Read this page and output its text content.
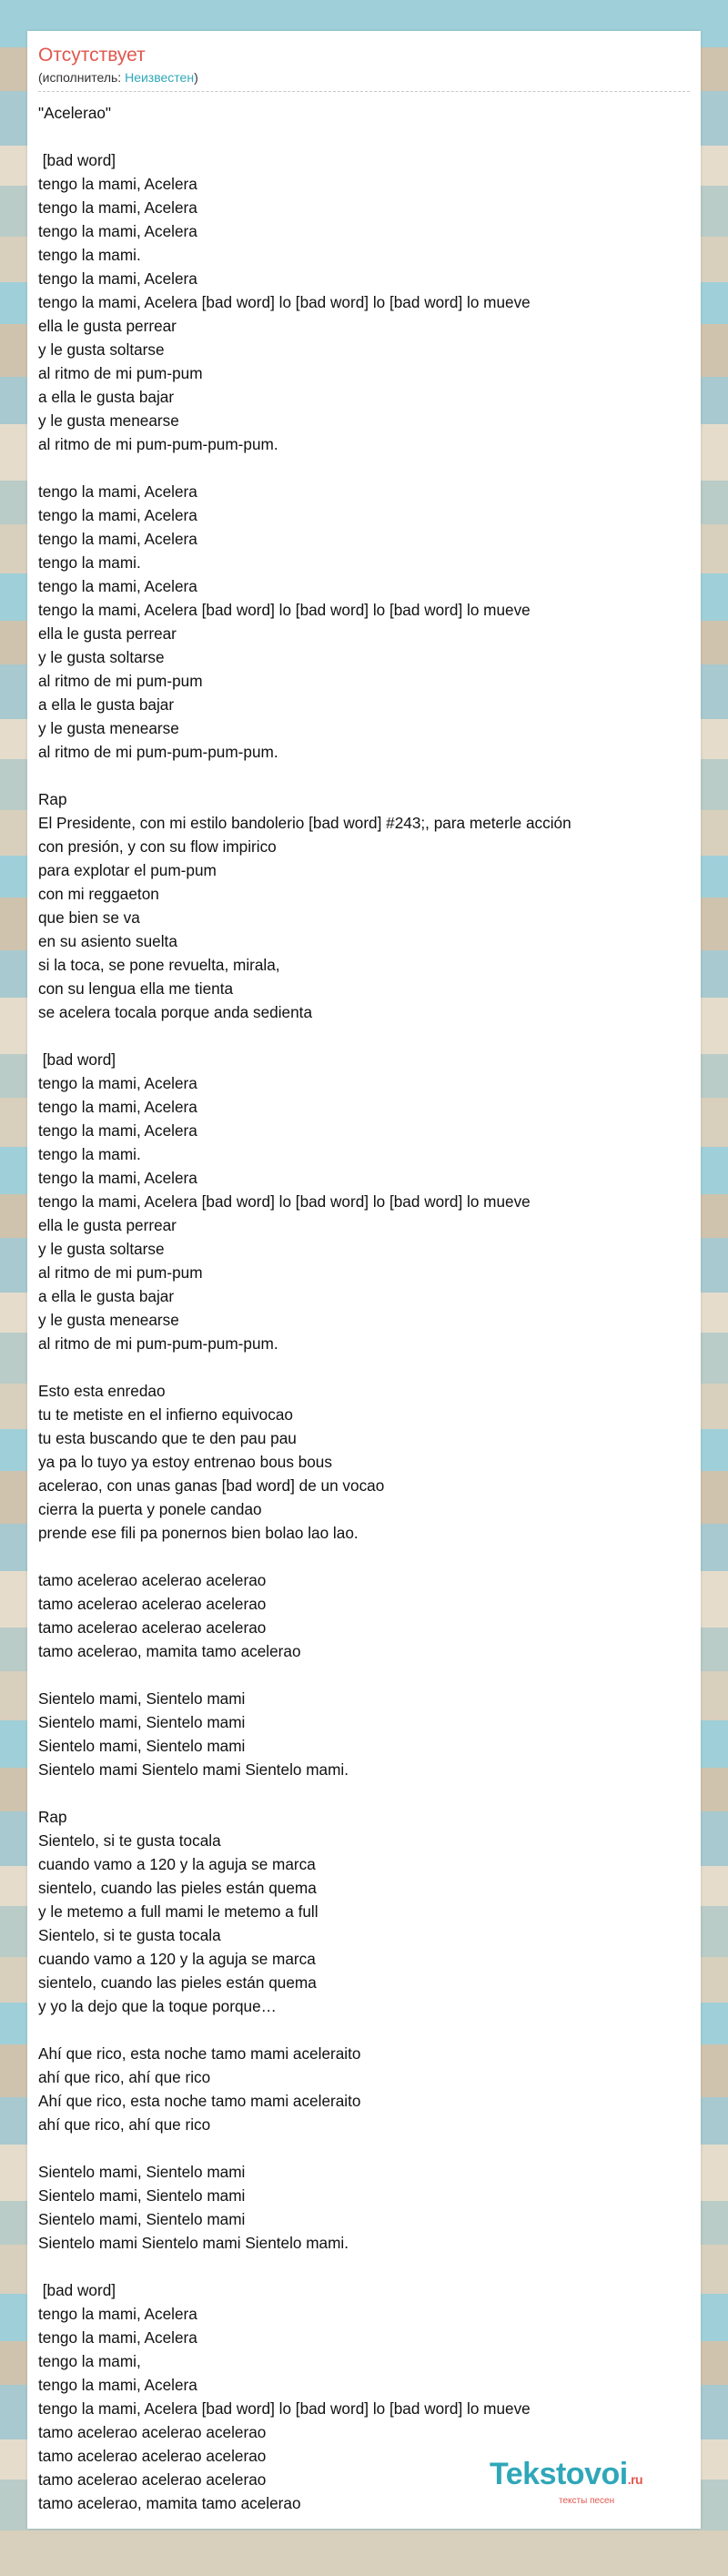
Отсутствует
(исполнитель: Неизвестен)
"Acelerao"

[bad word]
tengo la mami, Acelera
tengo la mami, Acelera
tengo la mami, Acelera
tengo la mami.
tengo la mami, Acelera
tengo la mami, Acelera [bad word] lo [bad word] lo [bad word] lo mueve
ella le gusta perrear
y le gusta soltarse
al ritmo de mi pum-pum
a ella le gusta bajar
y le gusta menearse
al ritmo de mi pum-pum-pum-pum.

tengo la mami, Acelera
tengo la mami, Acelera
tengo la mami, Acelera
tengo la mami.
tengo la mami, Acelera
tengo la mami, Acelera [bad word] lo [bad word] lo [bad word] lo mueve
ella le gusta perrear
y le gusta soltarse
al ritmo de mi pum-pum
a ella le gusta bajar
y le gusta menearse
al ritmo de mi pum-pum-pum-pum.

Rap
El Presidente, con mi estilo bandolerio [bad word] #243;, para meterle acción
con presión, y con su flow impirico
para explotar el pum-pum
con mi reggaeton
que bien se va
en su asiento suelta
si la toca, se pone revuelta, mirala,
con su lengua ella me tienta
se acelera tocala porque anda sedienta

[bad word]
tengo la mami, Acelera
tengo la mami, Acelera
tengo la mami, Acelera
tengo la mami.
tengo la mami, Acelera
tengo la mami, Acelera [bad word] lo [bad word] lo [bad word] lo mueve
ella le gusta perrear
y le gusta soltarse
al ritmo de mi pum-pum
a ella le gusta bajar
y le gusta menearse
al ritmo de mi pum-pum-pum-pum.

Esto esta enredao
tu te metiste en el infierno equivocao
tu esta buscando que te den pau pau
ya pa lo tuyo ya estoy entrenao bous bous
acelerao, con unas ganas [bad word] de un vocao
cierra la puerta y ponele candao
prende ese fili pa ponernos bien bolao lao lao.

tamo acelerao acelerao acelerao
tamo acelerao acelerao acelerao
tamo acelerao acelerao acelerao
tamo acelerao, mamita tamo acelerao

Sientelo mami, Sientelo mami
Sientelo mami, Sientelo mami
Sientelo mami, Sientelo mami
Sientelo mami Sientelo mami Sientelo mami.

Rap
Sientelo, si te gusta tocala
cuando vamo a 120 y la aguja se marca
sientelo, cuando las pieles están quema
y le metemo a full mami le metemo a full
Sientelo, si te gusta tocala
cuando vamo a 120 y la aguja se marca
sientelo, cuando las pieles están quema
y yo la dejo que la toque porque…

Ahí que rico, esta noche tamo mami aceleraito
ahí que rico, ahí que rico
Ahí que rico, esta noche tamo mami aceleraito
ahí que rico, ahí que rico

Sientelo mami, Sientelo mami
Sientelo mami, Sientelo mami
Sientelo mami, Sientelo mami
Sientelo mami Sientelo mami Sientelo mami.

[bad word]
tengo la mami, Acelera
tengo la mami, Acelera
tengo la mami,
tengo la mami, Acelera
tengo la mami, Acelera [bad word] lo [bad word] lo [bad word] lo mueve
tamo acelerao acelerao acelerao
tamo acelerao acelerao acelerao
tamo acelerao acelerao acelerao
tamo acelerao, mamita tamo acelerao
Tekstovoi.ru
тексты песен
